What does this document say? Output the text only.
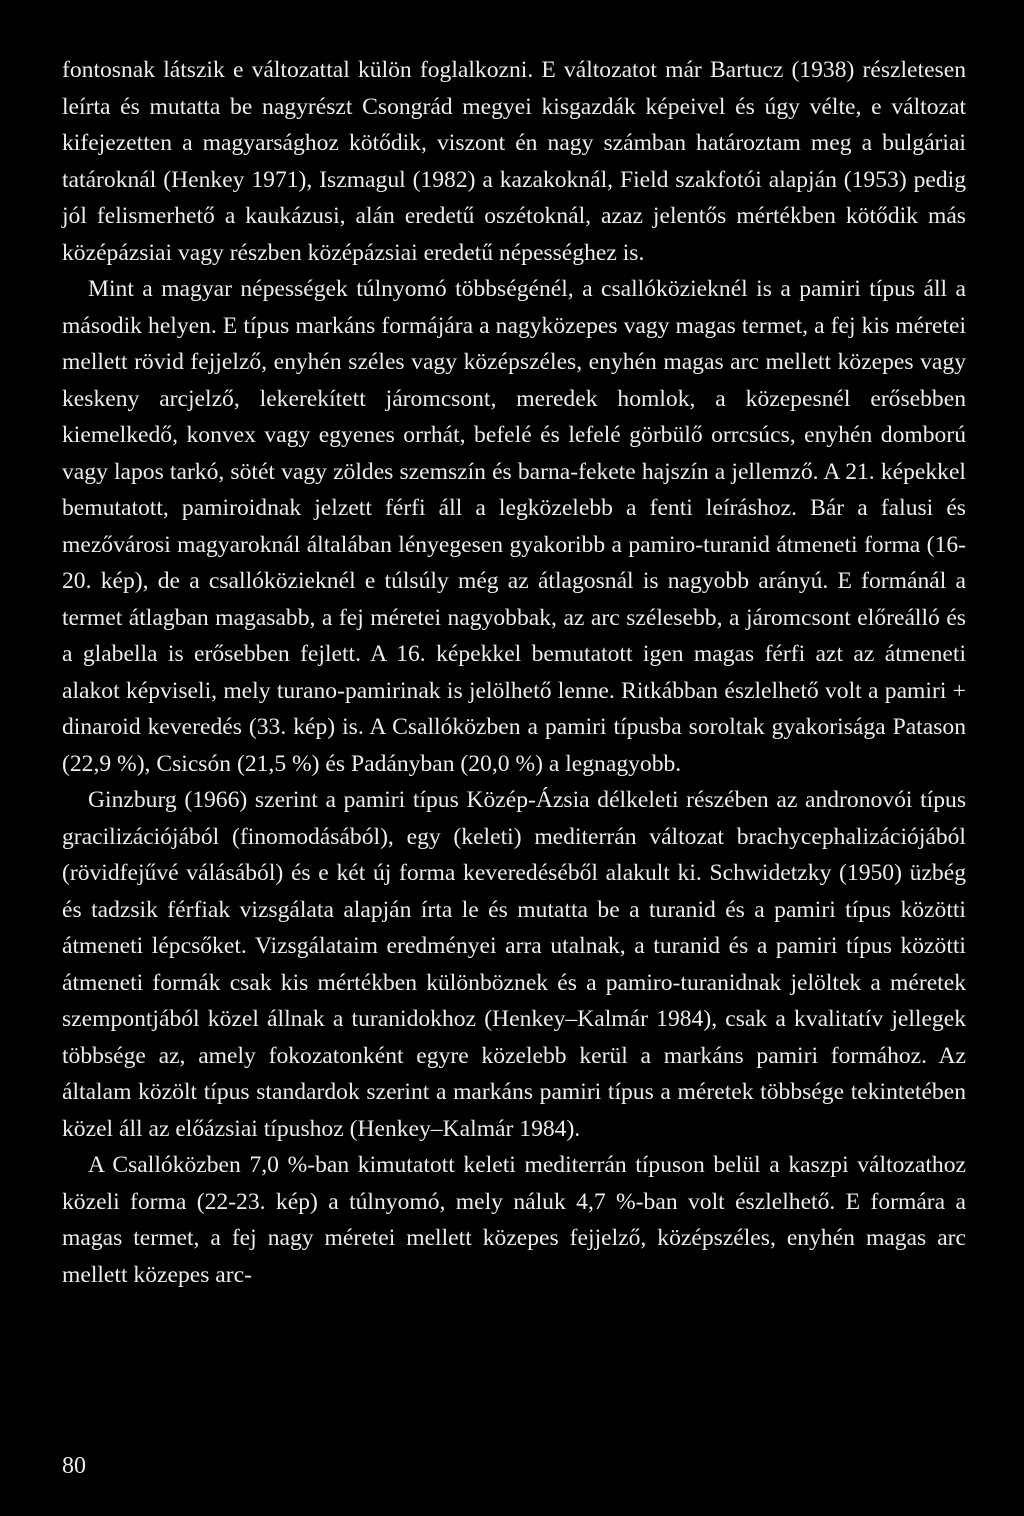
fontosnak látszik e változattal külön foglalkozni. E változatot már Bartucz (1938) részletesen leírta és mutatta be nagyrészt Csongrád megyei kisgazdák képeivel és úgy vélte, e változat kifejezetten a magyarsághoz kötődik, viszont én nagy számban határoztam meg a bulgáriai tatároknál (Henkey 1971), Iszmagul (1982) a kazakoknál, Field szakfotói alapján (1953) pedig jól felismerhető a kaukázusi, alán eredetű oszétoknál, azaz jelentős mértékben kötődik más középázsiai vagy részben középázsiai eredetű népességhez is.

Mint a magyar népességek túlnyomó többségénél, a csallóközieknél is a pamiri típus áll a második helyen. E típus markáns formájára a nagyközepes vagy magas termet, a fej kis méretei mellett rövid fejjelző, enyhén széles vagy középszéles, enyhén magas arc mellett közepes vagy keskeny arcjelző, lekerekített járomcsont, meredek homlok, a közepesnél erősebben kiemelkedő, konvex vagy egyenes orrhát, befelé és lefelé görbülő orrcsúcs, enyhén domború vagy lapos tarkó, sötét vagy zöldes szemszín és barna-fekete hajszín a jellemző. A 21. képekkel bemutatott, pamiroidnak jelzett férfi áll a legközelebb a fenti leíráshoz. Bár a falusi és mezővárosi magyaroknál általában lényegesen gyakoribb a pamiro-turanid átmeneti forma (16-20. kép), de a csallóközieknél e túlsúly még az átlagosnál is nagyobb arányú. E formánál a termet átlagban magasabb, a fej méretei nagyobbak, az arc szélesebb, a járomcsont előreálló és a glabella is erősebben fejlett. A 16. képekkel bemutatott igen magas férfi azt az átmeneti alakot képviseli, mely turano-pamirinak is jelölhető lenne. Ritkábban észlelhető volt a pamiri + dinaroid keveredés (33. kép) is. A Csallóközben a pamiri típusba soroltak gyakorisága Patason (22,9 %), Csicsón (21,5 %) és Padányban (20,0 %) a legnagyobb.

Ginzburg (1966) szerint a pamiri típus Közép-Ázsia délkeleti részében az andronovói típus gracilizációjából (finomodásából), egy (keleti) mediterrán változat brachycephalizációjából (rövidfejűvé válásából) és e két új forma keveredéséből alakult ki. Schwidetzky (1950) üzbég és tadzsik férfiak vizsgálata alapján írta le és mutatta be a turanid és a pamiri típus közötti átmeneti lépcsőket. Vizsgálataim eredményei arra utalnak, a turanid és a pamiri típus közötti átmeneti formák csak kis mértékben különböznek és a pamiro-turanidnak jelöltek a méretek szempontjából közel állnak a turanidokhoz (Henkey–Kalmár 1984), csak a kvalitatív jellegek többsége az, amely fokozatonként egyre közelebb kerül a markáns pamiri formához. Az általam közölt típus standardok szerint a markáns pamiri típus a méretek többsége tekintetében közel áll az előázsiai típushoz (Henkey–Kalmár 1984).

A Csallóközben 7,0 %-ban kimutatott keleti mediterrán típuson belül a kaszpi változathoz közeli forma (22-23. kép) a túlnyomó, mely náluk 4,7 %-ban volt észlelhető. E formára a magas termet, a fej nagy méretei mellett közepes fejjelző, középszéles, enyhén magas arc mellett közepes arc-

80
